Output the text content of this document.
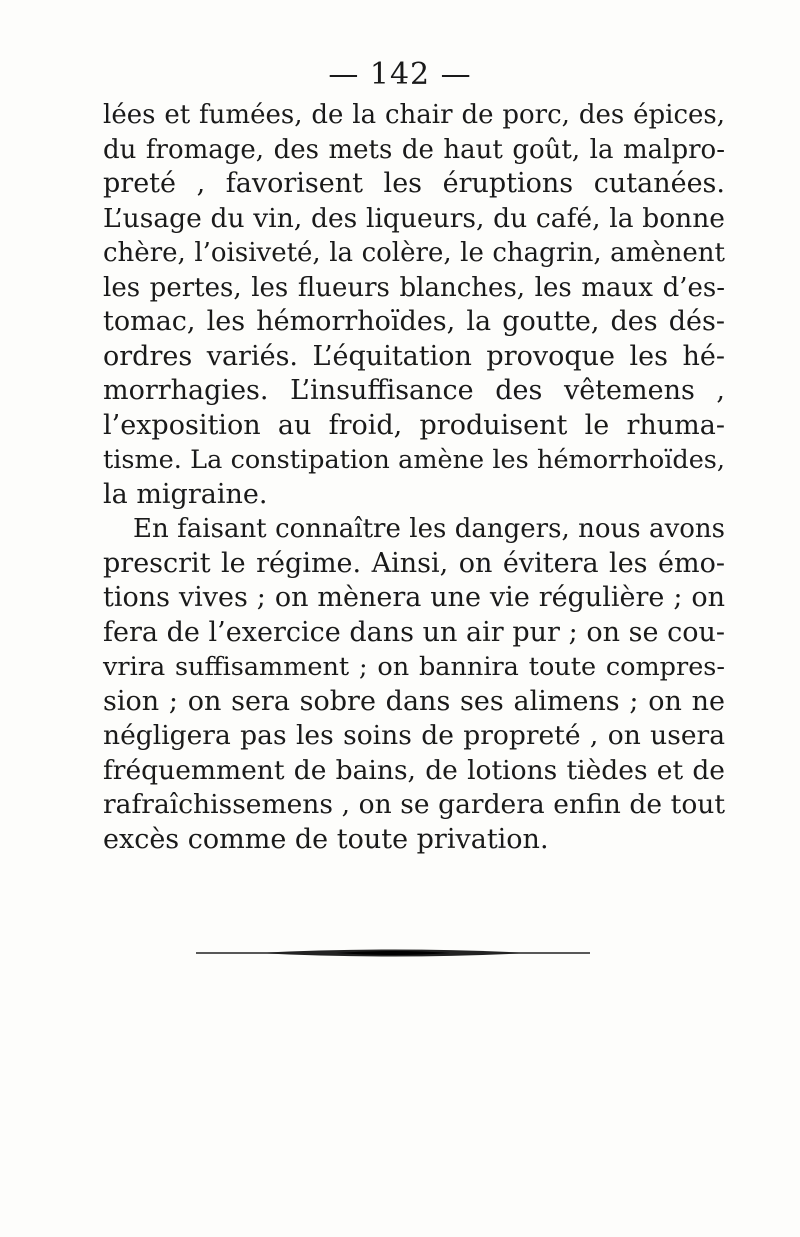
— 142 —
lées et fumées, de la chair de porc, des épices,
du fromage, des mets de haut goût, la malpro-
preté , favorisent les éruptions cutanées.
L’usage du vin, des liqueurs, du café, la bonne
chère, l’oisiveté, la colère, le chagrin, amènent
les pertes, les flueurs blanches, les maux d’es-
tomac, les hémorrhoïdes, la goutte, des dés-
ordres variés. L’équitation provoque les hé-
morrhagies. L’insuffisance des vêtemens ,
l’exposition au froid, produisent le rhuma-
tisme. La constipation amène les hémorrhoïdes,
la migraine.
En faisant connaître les dangers, nous avons
prescrit le régime. Ainsi, on évitera les émo-
tions vives ; on mènera une vie régulière ; on
fera de l’exercice dans un air pur ; on se cou-
vrira suffisamment ; on bannira toute compres-
sion ; on sera sobre dans ses alimens ; on ne
négligera pas les soins de propreté , on usera
fréquemment de bains, de lotions tièdes et de
rafraîchissemens , on se gardera enfin de tout
excès comme de toute privation.
